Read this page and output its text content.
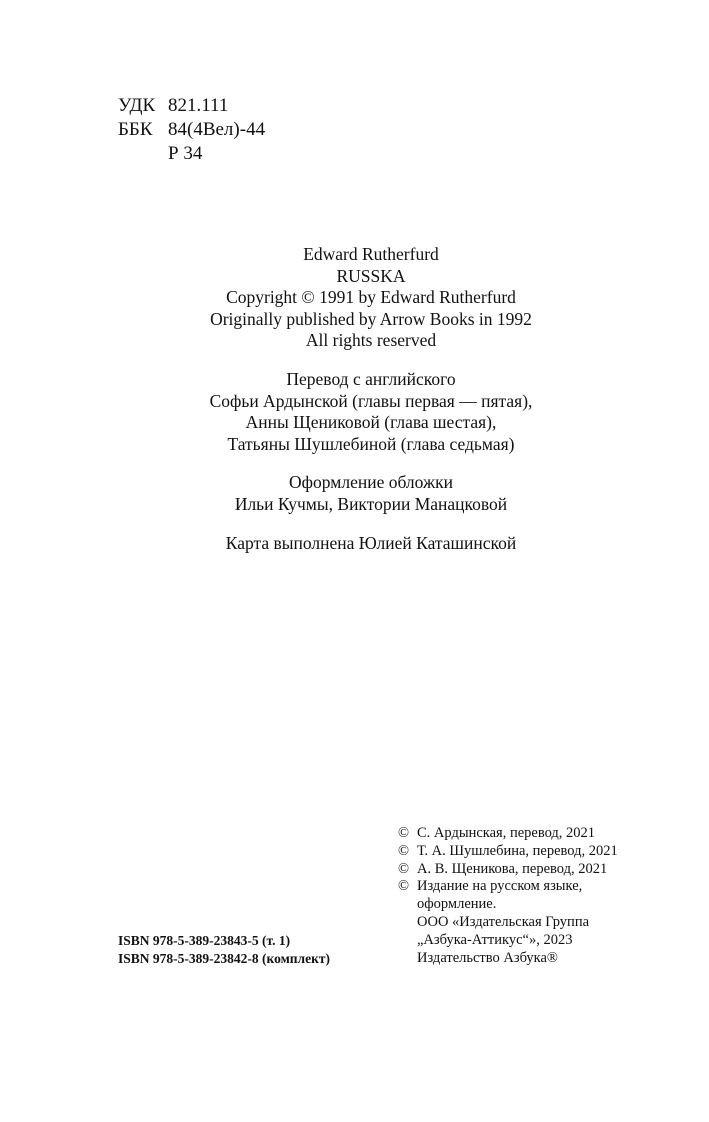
УДК 821.111
ББК 84(4Вел)-44
Р 34
Edward Rutherfurd
RUSSKA
Copyright © 1991 by Edward Rutherfurd
Originally published by Arrow Books in 1992
All rights reserved
Перевод с английского
Софьи Ардынской (главы первая — пятая),
Анны Щениковой (глава шестая),
Татьяны Шушлебиной (глава седьмая)
Оформление обложки
Ильи Кучмы, Виктории Манацковой
Карта выполнена Юлией Каташинской
© С. Ардынская, перевод, 2021
© Т. А. Шушлебина, перевод, 2021
© А. В. Щеникова, перевод, 2021
© Издание на русском языке,
оформление.
ООО «Издательская Группа
„Азбука-Аттикус“», 2023
Издательство Азбука®
ISBN 978-5-389-23843-5 (т. 1)
ISBN 978-5-389-23842-8 (комплект)
